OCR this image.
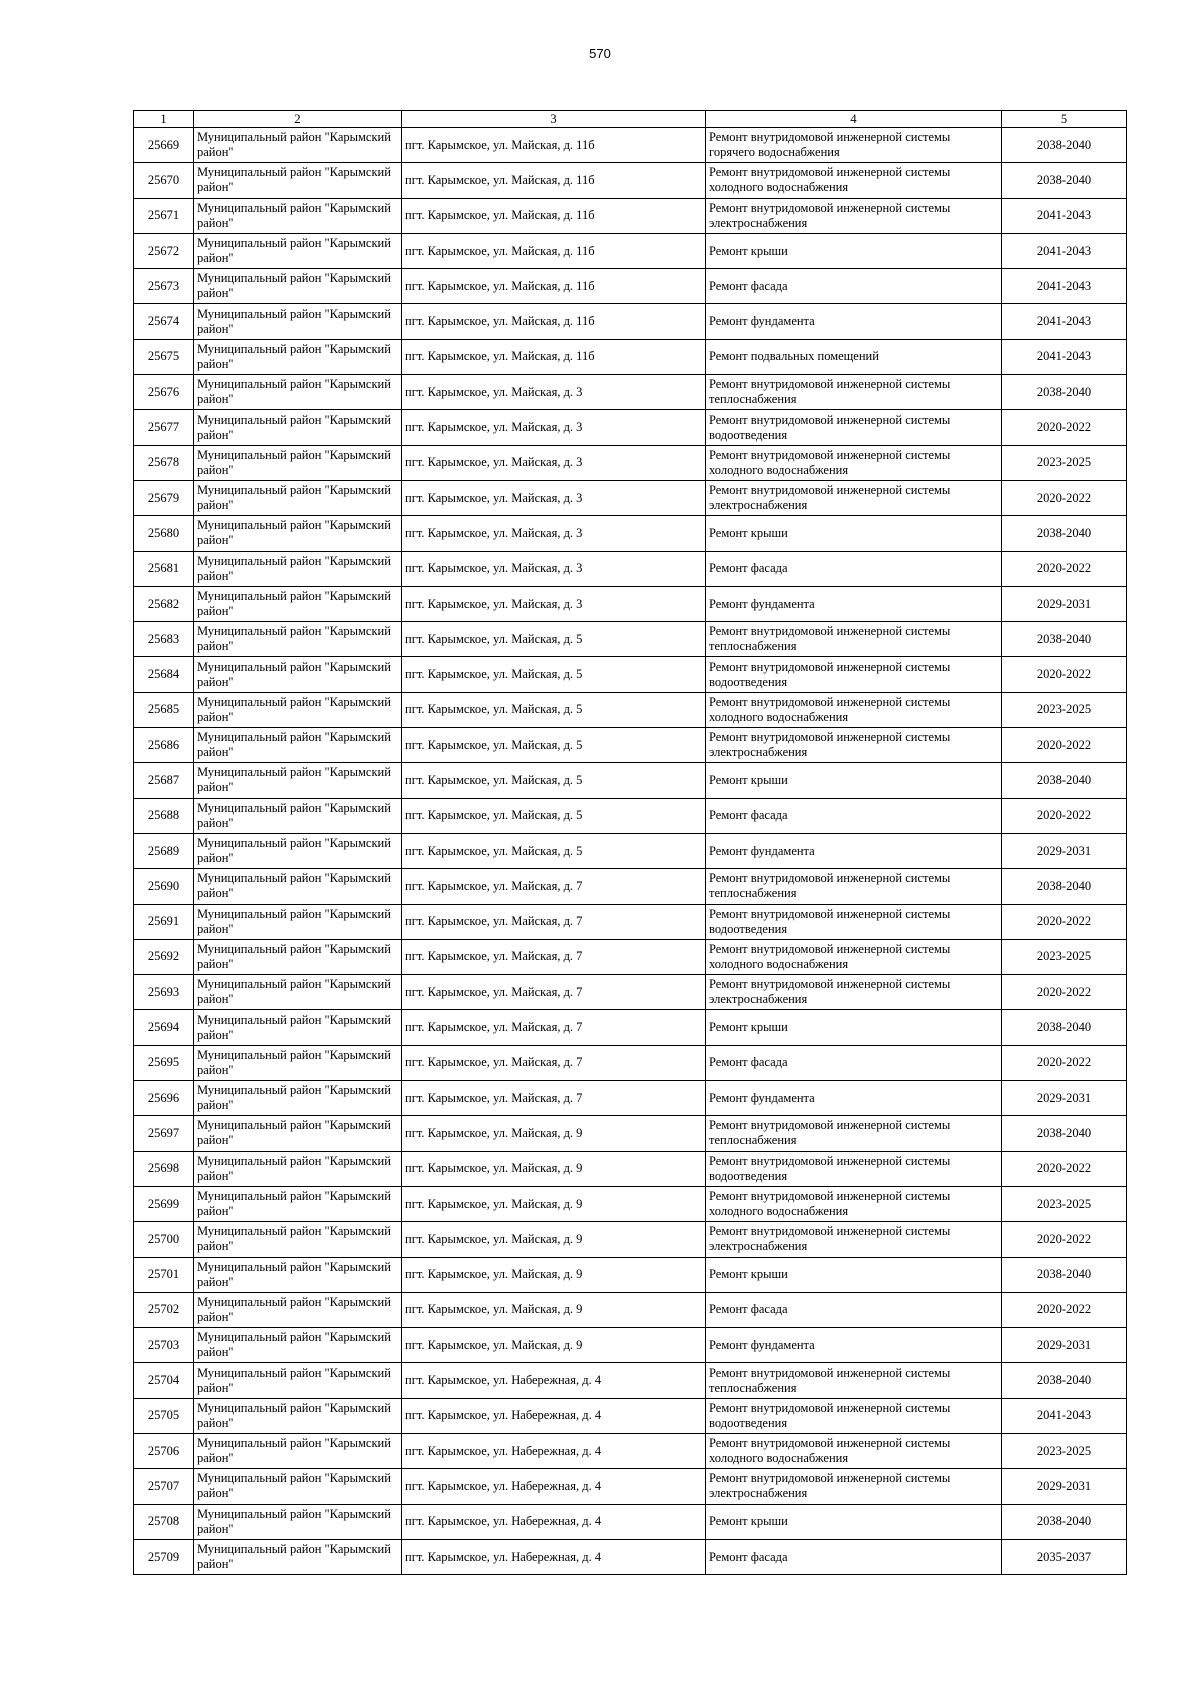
570
1	2	3	4	5
25669	Муниципальный район "Карымский район"	пгт. Карымское, ул. Майская, д. 11б	Ремонт внутридомовой инженерной системы горячего водоснабжения	2038-2040
25670	Муниципальный район "Карымский район"	пгт. Карымское, ул. Майская, д. 11б	Ремонт внутридомовой инженерной системы холодного водоснабжения	2038-2040
25671	Муниципальный район "Карымский район"	пгт. Карымское, ул. Майская, д. 11б	Ремонт внутридомовой инженерной системы электроснабжения	2041-2043
25672	Муниципальный район "Карымский район"	пгт. Карымское, ул. Майская, д. 11б	Ремонт крыши	2041-2043
25673	Муниципальный район "Карымский район"	пгт. Карымское, ул. Майская, д. 11б	Ремонт фасада	2041-2043
25674	Муниципальный район "Карымский район"	пгт. Карымское, ул. Майская, д. 11б	Ремонт фундамента	2041-2043
25675	Муниципальный район "Карымский район"	пгт. Карымское, ул. Майская, д. 11б	Ремонт подвальных помещений	2041-2043
25676	Муниципальный район "Карымский район"	пгт. Карымское, ул. Майская, д. 3	Ремонт внутридомовой инженерной системы теплоснабжения	2038-2040
25677	Муниципальный район "Карымский район"	пгт. Карымское, ул. Майская, д. 3	Ремонт внутридомовой инженерной системы водоотведения	2020-2022
25678	Муниципальный район "Карымский район"	пгт. Карымское, ул. Майская, д. 3	Ремонт внутридомовой инженерной системы холодного водоснабжения	2023-2025
25679	Муниципальный район "Карымский район"	пгт. Карымское, ул. Майская, д. 3	Ремонт внутридомовой инженерной системы электроснабжения	2020-2022
25680	Муниципальный район "Карымский район"	пгт. Карымское, ул. Майская, д. 3	Ремонт крыши	2038-2040
25681	Муниципальный район "Карымский район"	пгт. Карымское, ул. Майская, д. 3	Ремонт фасада	2020-2022
25682	Муниципальный район "Карымский район"	пгт. Карымское, ул. Майская, д. 3	Ремонт фундамента	2029-2031
25683	Муниципальный район "Карымский район"	пгт. Карымское, ул. Майская, д. 5	Ремонт внутридомовой инженерной системы теплоснабжения	2038-2040
25684	Муниципальный район "Карымский район"	пгт. Карымское, ул. Майская, д. 5	Ремонт внутридомовой инженерной системы водоотведения	2020-2022
25685	Муниципальный район "Карымский район"	пгт. Карымское, ул. Майская, д. 5	Ремонт внутридомовой инженерной системы холодного водоснабжения	2023-2025
25686	Муниципальный район "Карымский район"	пгт. Карымское, ул. Майская, д. 5	Ремонт внутридомовой инженерной системы электроснабжения	2020-2022
25687	Муниципальный район "Карымский район"	пгт. Карымское, ул. Майская, д. 5	Ремонт крыши	2038-2040
25688	Муниципальный район "Карымский район"	пгт. Карымское, ул. Майская, д. 5	Ремонт фасада	2020-2022
25689	Муниципальный район "Карымский район"	пгт. Карымское, ул. Майская, д. 5	Ремонт фундамента	2029-2031
25690	Муниципальный район "Карымский район"	пгт. Карымское, ул. Майская, д. 7	Ремонт внутридомовой инженерной системы теплоснабжения	2038-2040
25691	Муниципальный район "Карымский район"	пгт. Карымское, ул. Майская, д. 7	Ремонт внутридомовой инженерной системы водоотведения	2020-2022
25692	Муниципальный район "Карымский район"	пгт. Карымское, ул. Майская, д. 7	Ремонт внутридомовой инженерной системы холодного водоснабжения	2023-2025
25693	Муниципальный район "Карымский район"	пгт. Карымское, ул. Майская, д. 7	Ремонт внутридомовой инженерной системы электроснабжения	2020-2022
25694	Муниципальный район "Карымский район"	пгт. Карымское, ул. Майская, д. 7	Ремонт крыши	2038-2040
25695	Муниципальный район "Карымский район"	пгт. Карымское, ул. Майская, д. 7	Ремонт фасада	2020-2022
25696	Муниципальный район "Карымский район"	пгт. Карымское, ул. Майская, д. 7	Ремонт фундамента	2029-2031
25697	Муниципальный район "Карымский район"	пгт. Карымское, ул. Майская, д. 9	Ремонт внутридомовой инженерной системы теплоснабжения	2038-2040
25698	Муниципальный район "Карымский район"	пгт. Карымское, ул. Майская, д. 9	Ремонт внутридомовой инженерной системы водоотведения	2020-2022
25699	Муниципальный район "Карымский район"	пгт. Карымское, ул. Майская, д. 9	Ремонт внутридомовой инженерной системы холодного водоснабжения	2023-2025
25700	Муниципальный район "Карымский район"	пгт. Карымское, ул. Майская, д. 9	Ремонт внутридомовой инженерной системы электроснабжения	2020-2022
25701	Муниципальный район "Карымский район"	пгт. Карымское, ул. Майская, д. 9	Ремонт крыши	2038-2040
25702	Муниципальный район "Карымский район"	пгт. Карымское, ул. Майская, д. 9	Ремонт фасада	2020-2022
25703	Муниципальный район "Карымский район"	пгт. Карымское, ул. Майская, д. 9	Ремонт фундамента	2029-2031
25704	Муниципальный район "Карымский район"	пгт. Карымское, ул. Набережная, д. 4	Ремонт внутридомовой инженерной системы теплоснабжения	2038-2040
25705	Муниципальный район "Карымский район"	пгт. Карымское, ул. Набережная, д. 4	Ремонт внутридомовой инженерной системы водоотведения	2041-2043
25706	Муниципальный район "Карымский район"	пгт. Карымское, ул. Набережная, д. 4	Ремонт внутридомовой инженерной системы холодного водоснабжения	2023-2025
25707	Муниципальный район "Карымский район"	пгт. Карымское, ул. Набережная, д. 4	Ремонт внутридомовой инженерной системы электроснабжения	2029-2031
25708	Муниципальный район "Карымский район"	пгт. Карымское, ул. Набережная, д. 4	Ремонт крыши	2038-2040
25709	Муниципальный район "Карымский район"	пгт. Карымское, ул. Набережная, д. 4	Ремонт фасада	2035-2037
